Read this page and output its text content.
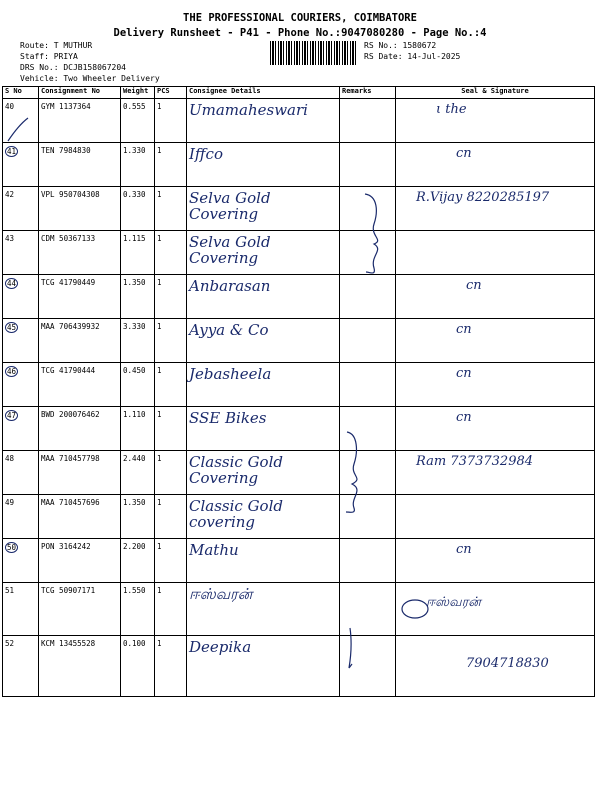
THE PROFESSIONAL COURIERS, COIMBATORE
Delivery Runsheet - P41 - Phone No.:9047080280 - Page No.:4
Route: T MUTHUR
Staff: PRIYA
DRS No.: DCJB158067204
Vehicle: Two Wheeler Delivery
RS No.: 1580672
RS Date: 14-Jul-2025
S No	Consignment No	Weight	PCS	Consignee Details	Remarks	Seal & Signature
40	GYM 1137364	0.555	1	Umamaheswari		ι the
41	TEN 7984830	1.330	1	Iffco		cn
42	VPL 950704308	0.330	1	Selva Gold Covering		R.Vijay 8220285197
43	CDM 50367133	1.115	1	Selva Gold Covering		
44	TCG 41790449	1.350	1	Anbarasan		cn
45	MAA 706439932	3.330	1	Ayya & Co		cn
46	TCG 41790444	0.450	1	Jebasheela		cn
47	BWD 200076462	1.110	1	SSE Bikes		cn
48	MAA 710457798	2.440	1	Classic Gold Covering		Ram 7373732984
49	MAA 710457696	1.350	1	Classic Gold covering		
50	PON 3164242	2.200	1	Mathu		cn
51	TCG 50907171	1.550	1	ஈஸ்வரன்		ஈஸ்வரன்
52	KCM 13455528	0.100	1	Deepika		7904718830
